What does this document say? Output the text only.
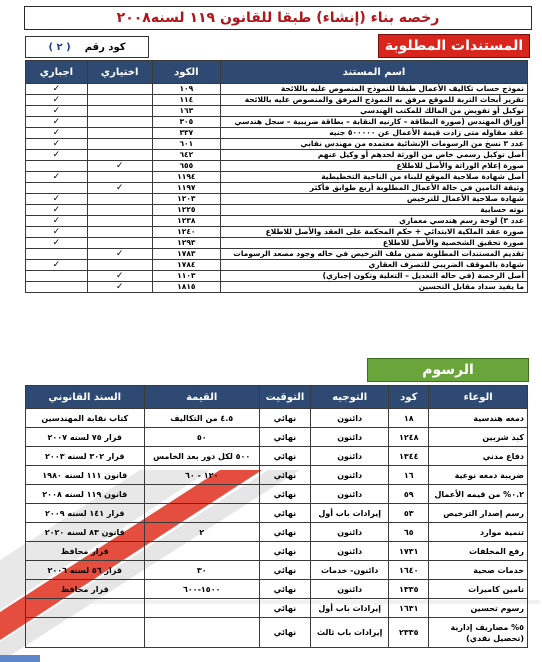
رخصه بناء (إنشاء) طبقا للقانون ١١٩ لسنه٢٠٠٨
كود رقم
( ٢ )	المستندات المطلوبة
اسم المستند	الكود	اختياري	اجباري
نموذج حساب تكاليف الأعمال طبقا للنموذج المنصوص عليه باللائحة	١٠٩		✓
تقرير أبحاث التربة للموقع مرفق به النموذج المرفق والمنصوص عليه باللائحة	١١٤		✓
توكيل أو تفويض من المالك للمكتب الهندسي	١٦٣		✓
أوراق المهندس (صورة البطاقة – كارنيه النقابة – بطاقة ضريبية – سجل هندسي	٣٠٥		✓
عقد مقاوله متى زادت قيمة الأعمال عن ٥٠٠٠٠٠ جنيه	٣٣٧		✓
عدد ٣ نسخ من الرسومات الإنشائية معتمده من مهندس نقابي	٦٠١		✓
أصل توكيل رسمي خاص من الورثة لحدهم أو وكيل عنهم	٦٤٢		✓
صورة إعلام الوراثة والأصل للاطلاع	٦٥٥	✓	
أصل شهادة صلاحية الموقع للبناء من الناحية التخطيطية	١١٩٤		✓
وثيقة التامين في حالة الأعمال المطلوبة أربع طوابق فأكثر	١١٩٧	✓	
شهادة صلاحية الأعمال للترخيص	١٢٠٣		✓
نوته حسابية	١٢٢٥		✓
عدد ٣) لوحة رسم هندسي معماري	١٢٣٨		✓
صورة عقد الملكية الابتدائي + حكم المحكمة على العقد والأصل للاطلاع	١٢٤٠		✓
صورة تحقيق الشخصية والأصل للاطلاع	١٢٩٣		✓
تقديم المستندات المطلوبة ضمن ملف الترخيص في حاله وجود مصعد الرسومات	١٧٨٣	✓	
شهادة بالموقف الضريبي للتصرف العقاري	١٧٨٤		✓
أصل الرخصة (في حاله التعديل – التعلية وتكون إجباري)	١١٠٣	✓	
ما يفيد سداد مقابل التحسين	١٨١٥	✓	
الرسوم
الوعاء	كود	التوجيه	التوقيت	القيمة	السند القانوني
دمغه هندسية	١٨	دائنون	نهائي	٤.٥ من التكاليف	كتاب نقابة المهندسين
كبد شربين	١٢٤٨	دائنون	نهائي	٥٠	قرار ٧٥ لسنه ٢٠٠٧
دفاع مدني	١٣٤٤	دائنون	نهائي	٥٠٠ لكل دور بعد الخامس	قرار ٣٠٢ لسنه ٢٠٠٣
ضريبة دمغه نوعية	١٦	دائنون	نهائي	١٢٠ - ٦٠	قانون ١١١ لسنه ١٩٨٠
٠.٢% من قيمه الأعمال	٥٩	دائنون	نهائي		قانون ١١٩ لسنه ٢٠٠٨
رسم إصدار الترخيص	٥٣	إيرادات باب أول	نهائي		قرار ١٤١ لسنه ٢٠٠٩
تنمية موارد	٦٥	دائنون	نهائي	٢	قانون ٨٣ لسنه ٢٠٢٠
رفع المخلفات	١٧٣١	دائنون	نهائي		قرار محافظ
خدمات صحية	١٦٤٠	دائنون- خدمات	نهائي	٣٠	قرار ٥٦ لسنه ٢٠٠٦
تامين كاميرات	١٣٣٥	دائنون	نهائي	١٥٠٠-٦٠٠	قرار محافظ
رسوم تحسين	١٦٣١	إيرادات باب أول	نهائي		
٥% مصاريف إدارية (تحصيل نقدي)	٢٣٣٥	إيرادات باب ثالث	نهائي		
